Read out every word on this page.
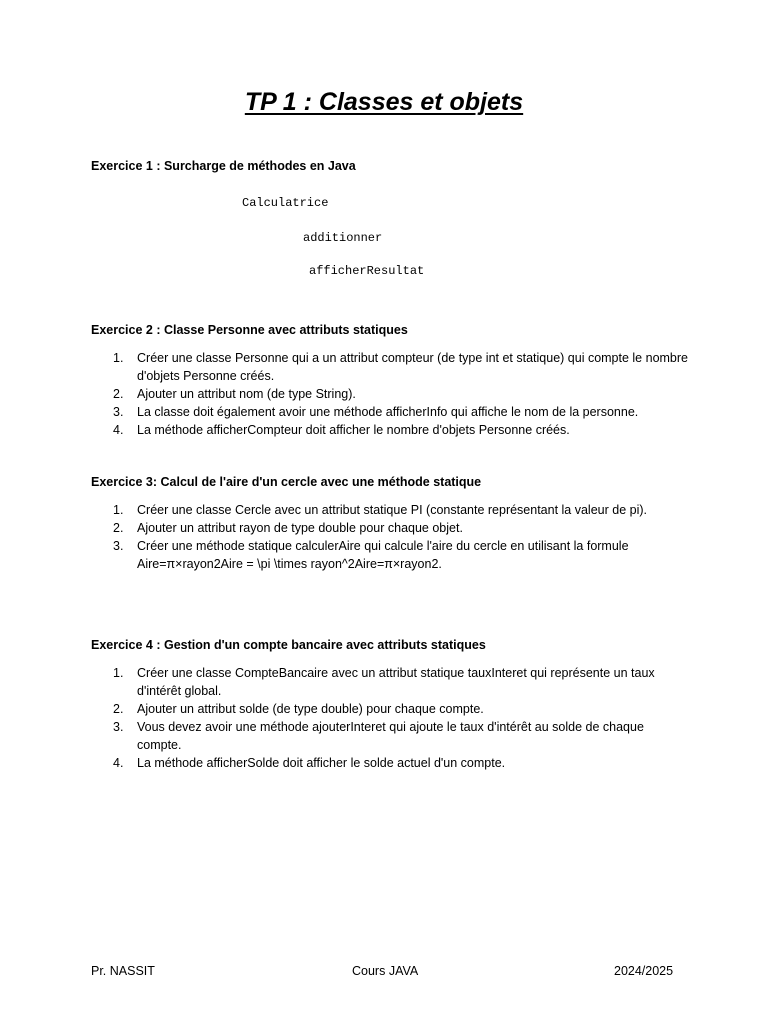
TP 1 : Classes et objets

Exercice 1 : Surcharge de méthodes en Java

Calculatrice
additionner
afficherResultat

Exercice 2 : Classe Personne avec attributs statiques

1. Créer une classe Personne qui a un attribut compteur (de type int et statique) qui compte le nombre d'objets Personne créés.
2. Ajouter un attribut nom (de type String).
3. La classe doit également avoir une méthode afficherInfo qui affiche le nom de la personne.
4. La méthode afficherCompteur doit afficher le nombre d'objets Personne créés.

Exercice 3: Calcul de l'aire d'un cercle avec une méthode statique

1. Créer une classe Cercle avec un attribut statique PI (constante représentant la valeur de pi).
2. Ajouter un attribut rayon de type double pour chaque objet.
3. Créer une méthode statique calculerAire qui calcule l'aire du cercle en utilisant la formule Aire=π×rayon2Aire = \pi \times rayon^2Aire=π×rayon2.

Exercice 4 : Gestion d'un compte bancaire avec attributs statiques

1. Créer une classe CompteBancaire avec un attribut statique tauxInteret qui représente un taux d'intérêt global.
2. Ajouter un attribut solde (de type double) pour chaque compte.
3. Vous devez avoir une méthode ajouterInteret qui ajoute le taux d'intérêt au solde de chaque compte.
4. La méthode afficherSolde doit afficher le solde actuel d'un compte.
Pr. NASSIT	Cours JAVA	2024/2025
